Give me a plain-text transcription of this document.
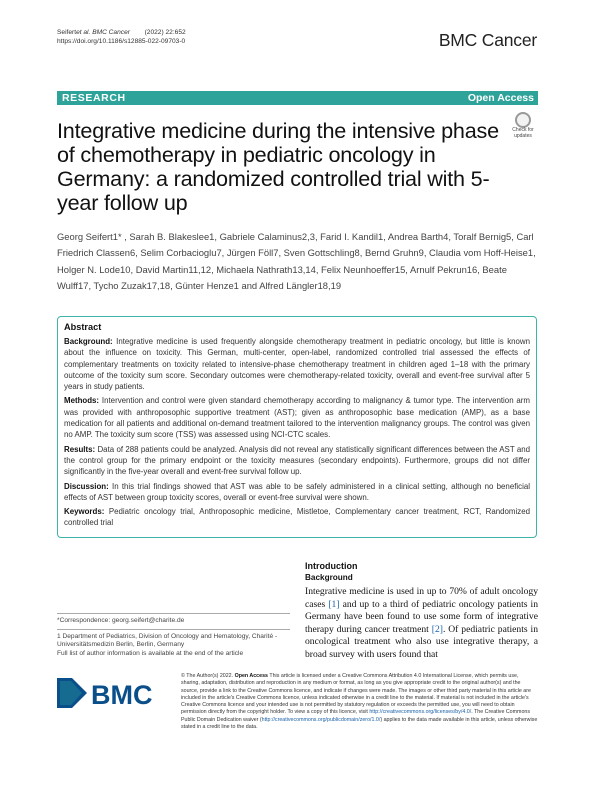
Seifertet al. BMC Cancer (2022) 22:652
https://doi.org/10.1186/s12885-022-09703-0	BMC Cancer
RESEARCH	Open Access
Integrative medicine during the intensive phase of chemotherapy in pediatric oncology in Germany: a randomized controlled trial with 5-year follow up
Check for updates
Georg Seifert1* , Sarah B. Blakeslee1, Gabriele Calaminus2,3, Farid I. Kandil1, Andrea Barth4, Toralf Bernig5, Carl Friedrich Classen6, Selim Corbacioglu7, Jürgen Föll7, Sven Gottschling8, Bernd Gruhn9, Claudia vom Hoff-Heise1, Holger N. Lode10, David Martin11,12, Michaela Nathrath13,14, Felix Neunhoeffer15, Arnulf Pekrun16, Beate Wulff17, Tycho Zuzak17,18, Günter Henze1 and Alfred Längler18,19
Abstract

Background: Integrative medicine is used frequently alongside chemotherapy treatment in pediatric oncology, but little is known about the influence on toxicity. This German, multi-center, open-label, randomized controlled trial assessed the effects of complementary treatments on toxicity related to intensive-phase chemotherapy treatment in children aged 1–18 with the primary outcome of the toxicity sum score. Secondary outcomes were chemotherapy-related toxicity, overall and event-free survival after 5 years in study patients.

Methods: Intervention and control were given standard chemotherapy according to malignancy & tumor type. The intervention arm was provided with anthroposophic supportive treatment (AST); given as anthroposophic base medication (AMP), as a base medication for all patients and additional on-demand treatment tailored to the intervention malignancy groups. The control was given no AMP. The toxicity sum score (TSS) was assessed using NCI-CTC scales.

Results: Data of 288 patients could be analyzed. Analysis did not reveal any statistically significant differences between the AST and the control group for the primary endpoint or the toxicity measures (secondary endpoints). Furthermore, groups did not differ significantly in the five-year overall and event-free survival follow up.

Discussion: In this trial findings showed that AST was able to be safely administered in a clinical setting, although no beneficial effects of AST between group toxicity scores, overall or event-free survival were shown.

Keywords: Pediatric oncology trial, Anthroposophic medicine, Mistletoe, Complementary cancer treatment, RCT, Randomized controlled trial

Introduction
Background
Integrative medicine is used in up to 70% of adult oncology cases [1] and up to a third of pediatric oncology patients in Germany have been found to use some form of integrative therapy during cancer treatment [2]. Of pediatric patients in oncological treatment who also use integrative therapy, a broad survey with users found that
*Correspondence: georg.seifert@charite.de
1 Department of Pediatrics, Division of Oncology and Hematology, Charité - Universitätsmedizin Berlin, Berlin, Germany
Full list of author information is available at the end of the article
BMC
© The Author(s) 2022. Open Access This article is licensed under a Creative Commons Attribution 4.0 International License, which permits use, sharing, adaptation, distribution and reproduction in any medium or format, as long as you give appropriate credit to the original author(s) and the source, provide a link to the Creative Commons licence, and indicate if changes were made. The images or other third party material in this article are included in the article's Creative Commons licence, unless indicated otherwise in a credit line to the material. If material is not included in the article's Creative Commons licence and your intended use is not permitted by statutory regulation or exceeds the permitted use, you will need to obtain permission directly from the copyright holder. To view a copy of this licence, visit http://creativecommons.org/licenses/by/4.0/. The Creative Commons Public Domain Dedication waiver (http://creativecommons.org/publicdomain/zero/1.0/) applies to the data made available in this article, unless otherwise stated in a credit line to the data.
